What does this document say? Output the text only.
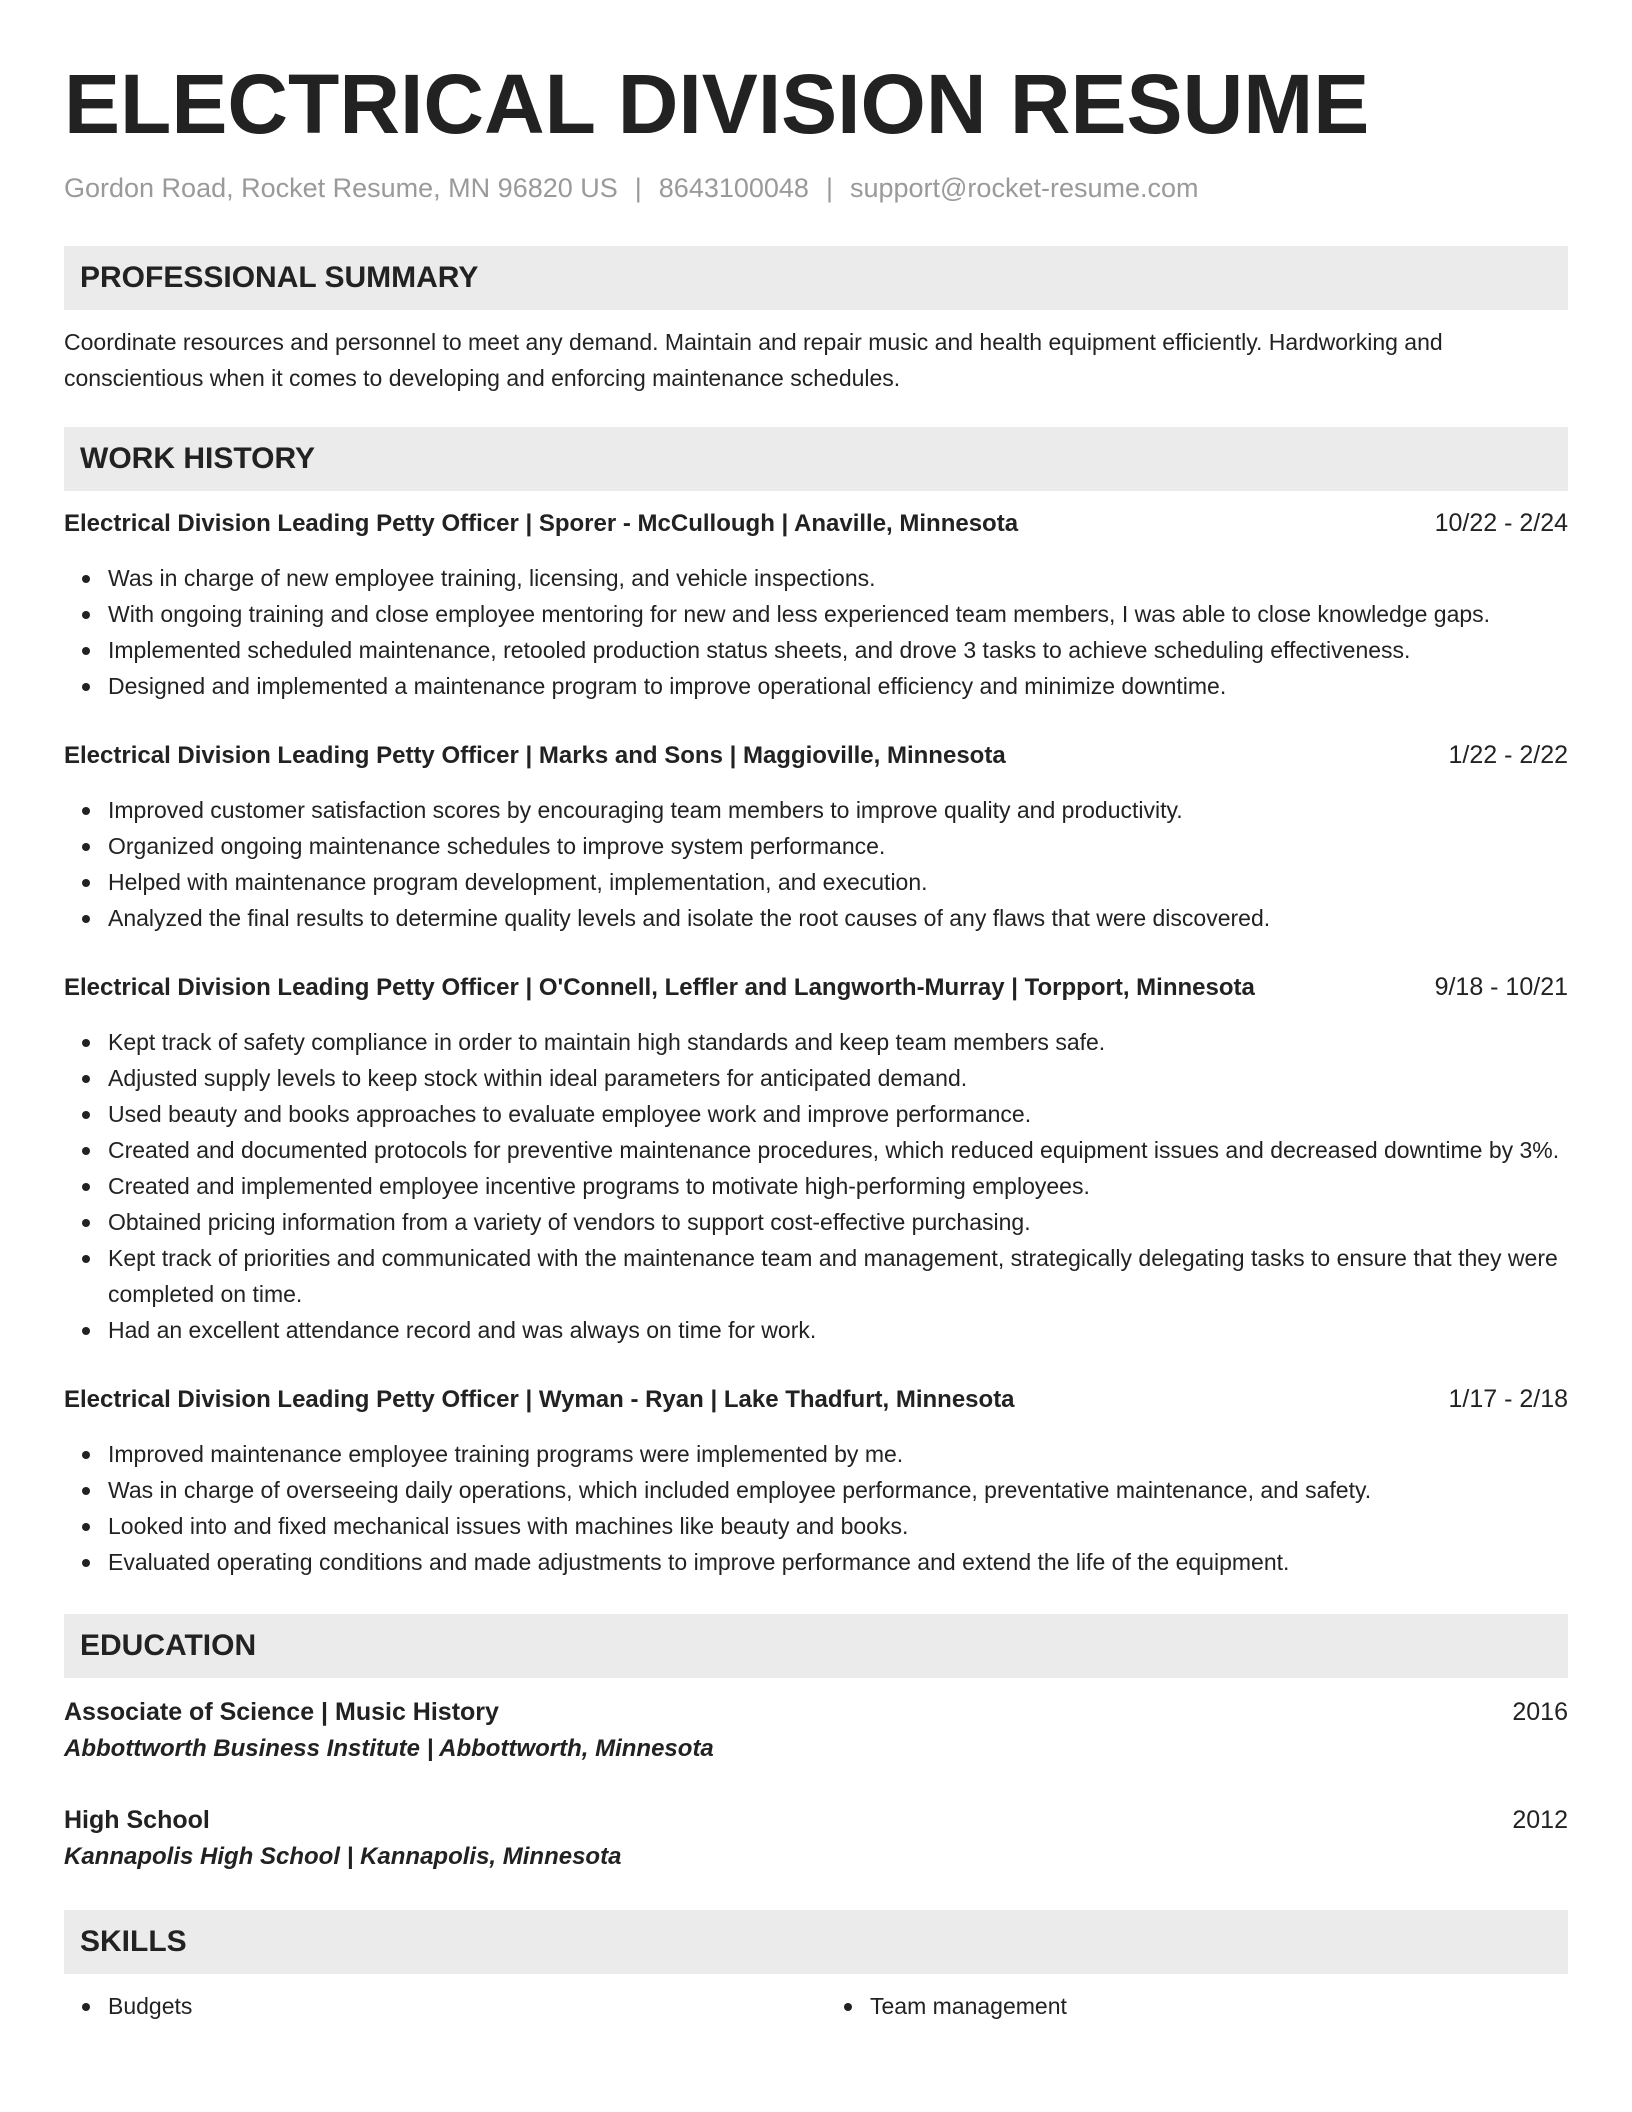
ELECTRICAL DIVISION RESUME
Gordon Road, Rocket Resume, MN 96820 US | 8643100048 | support@rocket-resume.com
PROFESSIONAL SUMMARY
Coordinate resources and personnel to meet any demand. Maintain and repair music and health equipment efficiently. Hardworking and conscientious when it comes to developing and enforcing maintenance schedules.
WORK HISTORY
Electrical Division Leading Petty Officer | Sporer - McCullough | Anaville, Minnesota	10/22 - 2/24
Was in charge of new employee training, licensing, and vehicle inspections.
With ongoing training and close employee mentoring for new and less experienced team members, I was able to close knowledge gaps.
Implemented scheduled maintenance, retooled production status sheets, and drove 3 tasks to achieve scheduling effectiveness.
Designed and implemented a maintenance program to improve operational efficiency and minimize downtime.
Electrical Division Leading Petty Officer | Marks and Sons | Maggioville, Minnesota	1/22 - 2/22
Improved customer satisfaction scores by encouraging team members to improve quality and productivity.
Organized ongoing maintenance schedules to improve system performance.
Helped with maintenance program development, implementation, and execution.
Analyzed the final results to determine quality levels and isolate the root causes of any flaws that were discovered.
Electrical Division Leading Petty Officer | O'Connell, Leffler and Langworth-Murray | Torpport, Minnesota	9/18 - 10/21
Kept track of safety compliance in order to maintain high standards and keep team members safe.
Adjusted supply levels to keep stock within ideal parameters for anticipated demand.
Used beauty and books approaches to evaluate employee work and improve performance.
Created and documented protocols for preventive maintenance procedures, which reduced equipment issues and decreased downtime by 3%.
Created and implemented employee incentive programs to motivate high-performing employees.
Obtained pricing information from a variety of vendors to support cost-effective purchasing.
Kept track of priorities and communicated with the maintenance team and management, strategically delegating tasks to ensure that they were completed on time.
Had an excellent attendance record and was always on time for work.
Electrical Division Leading Petty Officer | Wyman - Ryan | Lake Thadfurt, Minnesota	1/17 - 2/18
Improved maintenance employee training programs were implemented by me.
Was in charge of overseeing daily operations, which included employee performance, preventative maintenance, and safety.
Looked into and fixed mechanical issues with machines like beauty and books.
Evaluated operating conditions and made adjustments to improve performance and extend the life of the equipment.
EDUCATION
Associate of Science | Music History	2016
Abbottworth Business Institute | Abbottworth, Minnesota
High School	2012
Kannapolis High School | Kannapolis, Minnesota
SKILLS
Budgets	Team management
